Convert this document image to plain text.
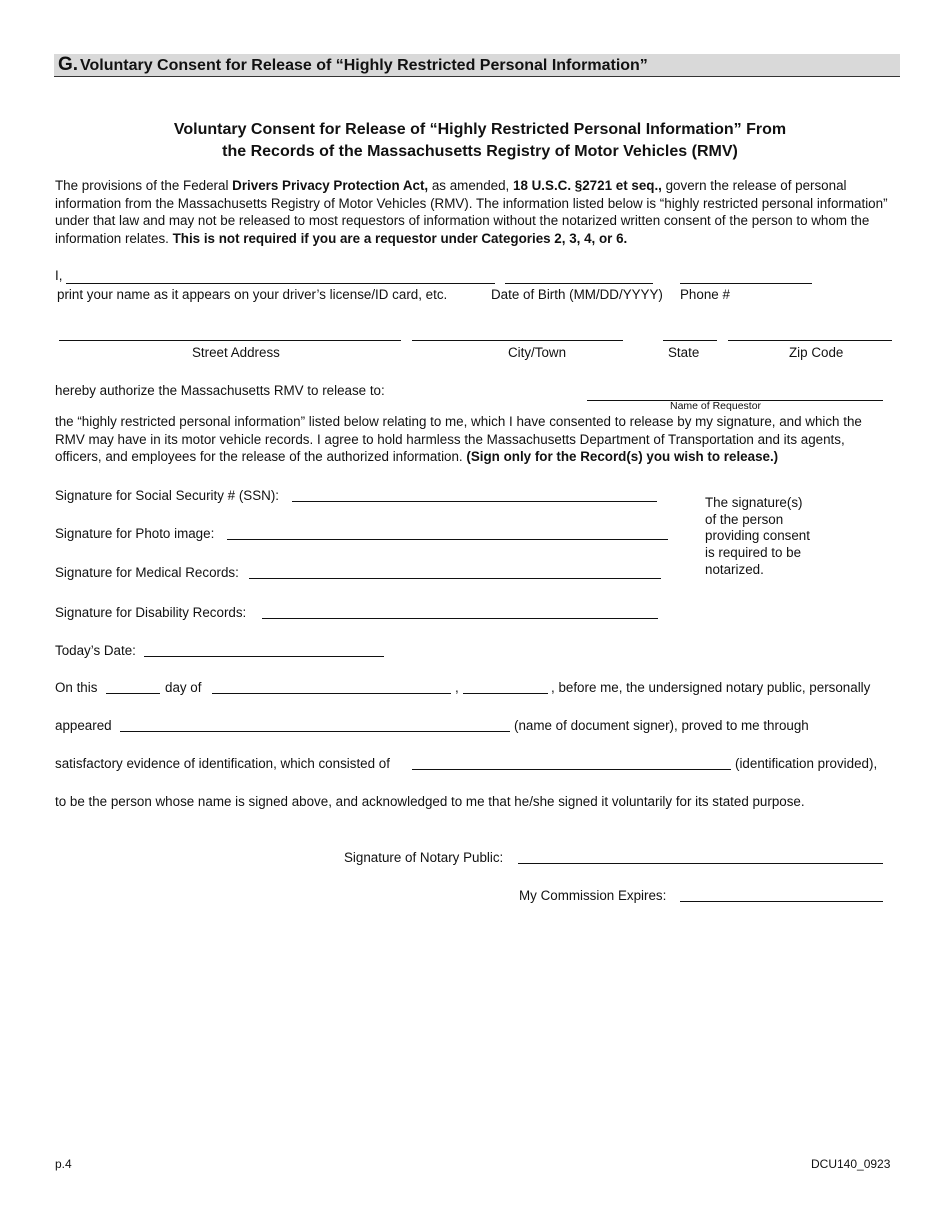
G. Voluntary Consent for Release of “Highly Restricted Personal Information”
Voluntary Consent for Release of “Highly Restricted Personal Information” From
the Records of the Massachusetts Registry of Motor Vehicles (RMV)
The provisions of the Federal Drivers Privacy Protection Act, as amended, 18 U.S.C. §2721 et seq., govern the release of personal information from the Massachusetts Registry of Motor Vehicles (RMV). The information listed below is “highly restricted personal information” under that law and may not be released to most requestors of information without the notarized written consent of the person to whom the information relates. This is not required if you are a requestor under Categories 2, 3, 4, or 6.
I,
print your name as it appears on your driver’s license/ID card, etc.	Date of Birth (MM/DD/YYYY) Phone #
Street Address	City/Town	State	Zip Code
hereby authorize the Massachusetts RMV to release to:
Name of Requestor
the “highly restricted personal information” listed below relating to me, which I have consented to release by my signature, and which the RMV may have in its motor vehicle records. I agree to hold harmless the Massachusetts Department of Transportation and its agents, officers, and employees for the release of the authorized information. (Sign only for the Record(s) you wish to release.)
Signature for Social Security # (SSN):
Signature for Photo image:
Signature for Medical Records:
Signature for Disability Records:
The signature(s)
of the person
providing consent
is required to be
notarized.
Today’s Date:
On this	day of	,	, before me, the undersigned notary public, personally
appeared	(name of document signer), proved to me through
satisfactory evidence of identification, which consisted of	(identification provided),
to be the person whose name is signed above, and acknowledged to me that he/she signed it voluntarily for its stated purpose.
Signature of Notary Public:
My Commission Expires:
p.4	DCU140_0923
